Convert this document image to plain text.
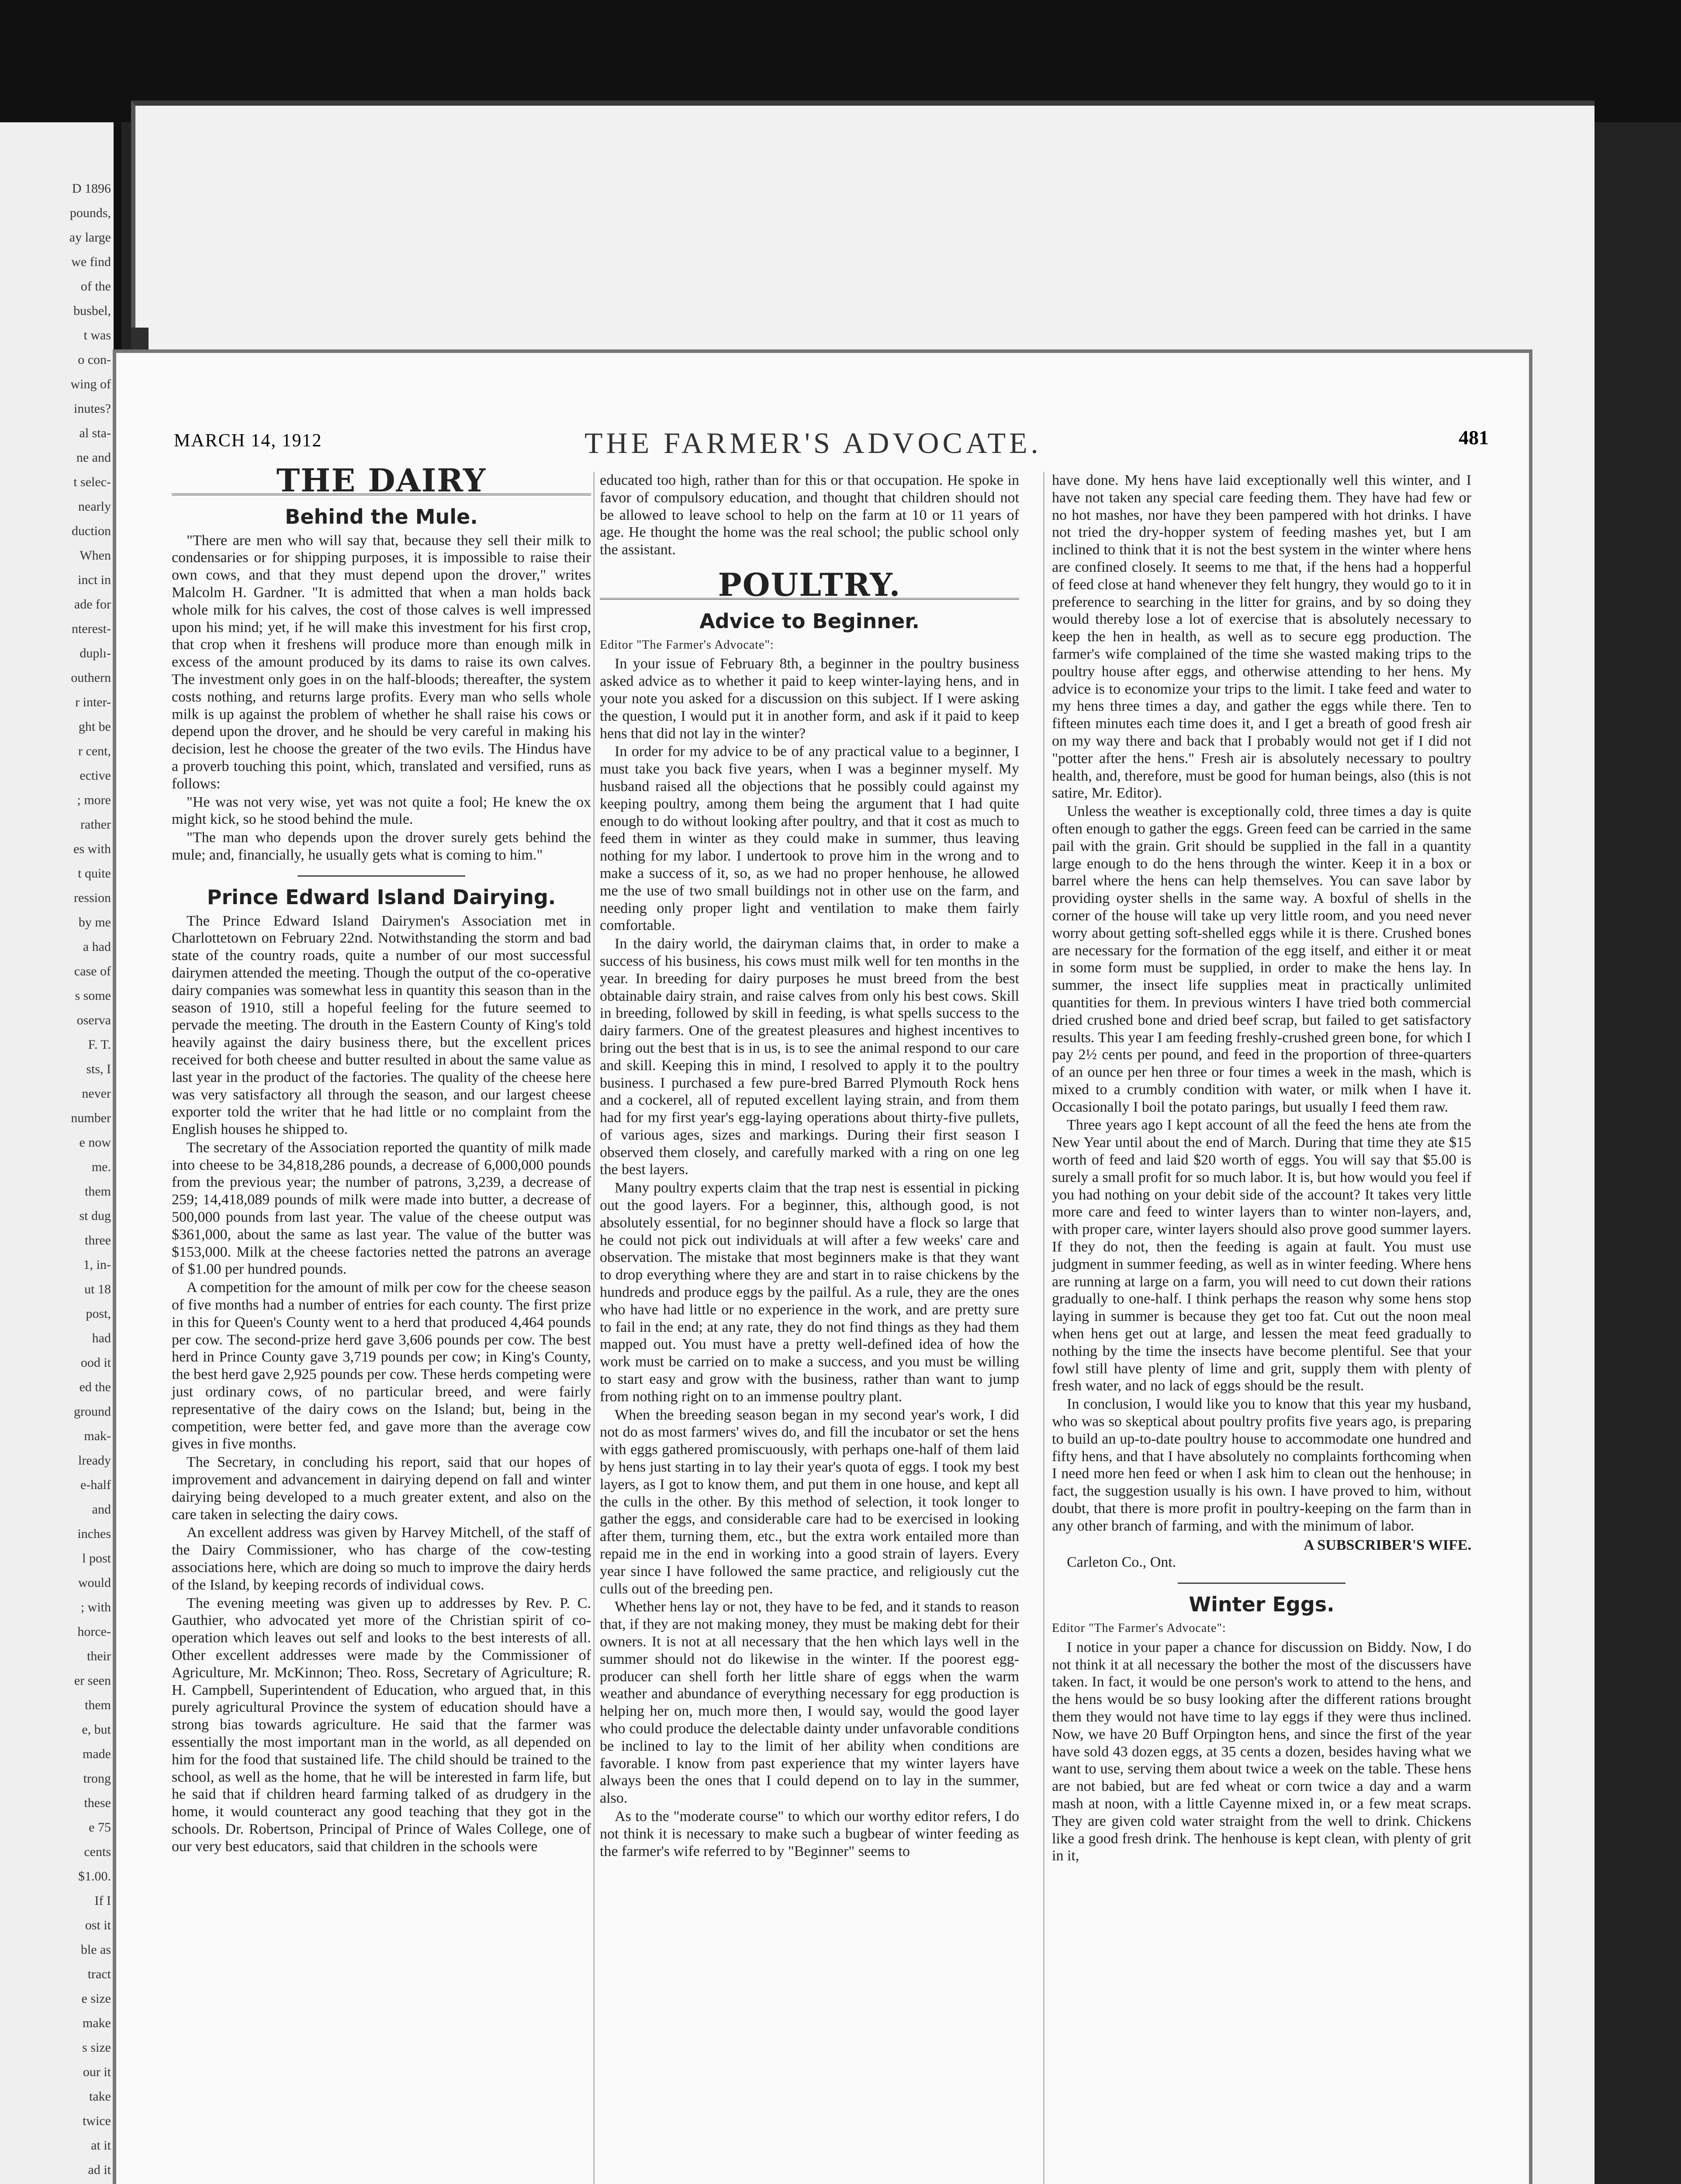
D 1896
pounds,
ay large
we find
of the
busbel,
t was
o con-
wing of
inutes?
al sta-
ne and
t selec-
nearly
duction
When
inct in
ade for
nterest-
duplı-
outhern
r inter-
ght be
r cent,
ective
; more
rather
es with
t quite
ression
by me
a had
case of
s some
oserva
F. T.
sts, I
never
number
e now
me.
them
st dug
three
1, in-
ut 18
post,
had
ood it
ed the
ground
mak-
lready
e-half
and
inches
l post
would
; with
horce-
their
er seen
them
e, but
made
trong
these
e 75
cents
$1.00.
If I
ost it
ble as
tract
e size
make
s size
our it
take
twice
at it
ad it
MARCH 14, 1912	THE FARMER'S ADVOCATE.	481
THE DAIRY
Behind the Mule.

"There are men who will say that, because they sell their milk to condensaries or for shipping purposes, it is impossible to raise their own cows, and that they must depend upon the drover," writes Malcolm H. Gardner. "It is admitted that when a man holds back whole milk for his calves, the cost of those calves is well impressed upon his mind; yet, if he will make this investment for his first crop, that crop when it freshens will produce more than enough milk in excess of the amount produced by its dams to raise its own calves. The investment only goes in on the half-bloods; thereafter, the system costs nothing, and returns large profits. Every man who sells whole milk is up against the problem of whether he shall raise his cows or depend upon the drover, and he should be very careful in making his decision, lest he choose the greater of the two evils. The Hindus have a proverb touching this point, which, translated and versified, runs as follows:

"He was not very wise, yet was not quite a fool; He knew the ox might kick, so he stood behind the mule.

"The man who depends upon the drover surely gets behind the mule; and, financially, he usually gets what is coming to him."

Prince Edward Island Dairying.

The Prince Edward Island Dairymen's Association met in Charlottetown on February 22nd. Notwithstanding the storm and bad state of the country roads, quite a number of our most successful dairymen attended the meeting. Though the output of the co-operative dairy companies was somewhat less in quantity this season than in the season of 1910, still a hopeful feeling for the future seemed to pervade the meeting. The drouth in the Eastern County of King's told heavily against the dairy business there, but the excellent prices received for both cheese and butter resulted in about the same value as last year in the product of the factories. The quality of the cheese here was very satisfactory all through the season, and our largest cheese exporter told the writer that he had little or no complaint from the English houses he shipped to.

The secretary of the Association reported the quantity of milk made into cheese to be 34,818,286 pounds, a decrease of 6,000,000 pounds from the previous year; the number of patrons, 3,239, a decrease of 259; 14,418,089 pounds of milk were made into butter, a decrease of 500,000 pounds from last year. The value of the cheese output was $361,000, about the same as last year. The value of the butter was $153,000. Milk at the cheese factories netted the patrons an average of $1.00 per hundred pounds.

A competition for the amount of milk per cow for the cheese season of five months had a number of entries for each county. The first prize in this for Queen's County went to a herd that produced 4,464 pounds per cow. The second-prize herd gave 3,606 pounds per cow. The best herd in Prince County gave 3,719 pounds per cow; in King's County, the best herd gave 2,925 pounds per cow. These herds competing were just ordinary cows, of no particular breed, and were fairly representative of the dairy cows on the Island; but, being in the competition, were better fed, and gave more than the average cow gives in five months.

The Secretary, in concluding his report, said that our hopes of improvement and advancement in dairying depend on fall and winter dairying being developed to a much greater extent, and also on the care taken in selecting the dairy cows.

An excellent address was given by Harvey Mitchell, of the staff of the Dairy Commissioner, who has charge of the cow-testing associations here, which are doing so much to improve the dairy herds of the Island, by keeping records of individual cows.

The evening meeting was given up to addresses by Rev. P. C. Gauthier, who advocated yet more of the Christian spirit of co-operation which leaves out self and looks to the best interests of all. Other excellent addresses were made by the Commissioner of Agriculture, Mr. McKinnon; Theo. Ross, Secretary of Agriculture; R. H. Campbell, Superintendent of Education, who argued that, in this purely agricultural Province the system of education should have a strong bias towards agriculture. He said that the farmer was essentially the most important man in the world, as all depended on him for the food that sustained life. The child should be trained to the school, as well as the home, that he will be interested in farm life, but he said that if children heard farming talked of as drudgery in the home, it would counteract any good teaching that they got in the schools. Dr. Robertson, Principal of Prince of Wales College, one of our very best educators, said that children in the schools were

educated too high, rather than for this or that occupation. He spoke in favor of compulsory education, and thought that children should not be allowed to leave school to help on the farm at 10 or 11 years of age. He thought the home was the real school; the public school only the assistant.

POULTRY.
Advice to Beginner.
Editor "The Farmer's Advocate":

In your issue of February 8th, a beginner in the poultry business asked advice as to whether it paid to keep winter-laying hens, and in your note you asked for a discussion on this subject. If I were asking the question, I would put it in another form, and ask if it paid to keep hens that did not lay in the winter?

In order for my advice to be of any practical value to a beginner, I must take you back five years, when I was a beginner myself. My husband raised all the objections that he possibly could against my keeping poultry, among them being the argument that I had quite enough to do without looking after poultry, and that it cost as much to feed them in winter as they could make in summer, thus leaving nothing for my labor. I undertook to prove him in the wrong and to make a success of it, so, as we had no proper henhouse, he allowed me the use of two small buildings not in other use on the farm, and needing only proper light and ventilation to make them fairly comfortable.

In the dairy world, the dairyman claims that, in order to make a success of his business, his cows must milk well for ten months in the year. In breeding for dairy purposes he must breed from the best obtainable dairy strain, and raise calves from only his best cows. Skill in breeding, followed by skill in feeding, is what spells success to the dairy farmers. One of the greatest pleasures and highest incentives to bring out the best that is in us, is to see the animal respond to our care and skill. Keeping this in mind, I resolved to apply it to the poultry business. I purchased a few pure-bred Barred Plymouth Rock hens and a cockerel, all of reputed excellent laying strain, and from them had for my first year's egg-laying operations about thirty-five pullets, of various ages, sizes and markings. During their first season I observed them closely, and carefully marked with a ring on one leg the best layers.

Many poultry experts claim that the trap nest is essential in picking out the good layers. For a beginner, this, although good, is not absolutely essential, for no beginner should have a flock so large that he could not pick out individuals at will after a few weeks' care and observation. The mistake that most beginners make is that they want to drop everything where they are and start in to raise chickens by the hundreds and produce eggs by the pailful. As a rule, they are the ones who have had little or no experience in the work, and are pretty sure to fail in the end; at any rate, they do not find things as they had them mapped out. You must have a pretty well-defined idea of how the work must be carried on to make a success, and you must be willing to start easy and grow with the business, rather than want to jump from nothing right on to an immense poultry plant.

When the breeding season began in my second year's work, I did not do as most farmers' wives do, and fill the incubator or set the hens with eggs gathered promiscuously, with perhaps one-half of them laid by hens just starting in to lay their year's quota of eggs. I took my best layers, as I got to know them, and put them in one house, and kept all the culls in the other. By this method of selection, it took longer to gather the eggs, and considerable care had to be exercised in looking after them, turning them, etc., but the extra work entailed more than repaid me in the end in working into a good strain of layers. Every year since I have followed the same practice, and religiously cut the culls out of the breeding pen.

Whether hens lay or not, they have to be fed, and it stands to reason that, if they are not making money, they must be making debt for their owners. It is not at all necessary that the hen which lays well in the summer should not do likewise in the winter. If the poorest egg-producer can shell forth her little share of eggs when the warm weather and abundance of everything necessary for egg production is helping her on, much more then, I would say, would the good layer who could produce the delectable dainty under unfavorable conditions be inclined to lay to the limit of her ability when conditions are favorable. I know from past experience that my winter layers have always been the ones that I could depend on to lay in the summer, also.

As to the "moderate course" to which our worthy editor refers, I do not think it is necessary to make such a bugbear of winter feeding as the farmer's wife referred to by "Beginner" seems to

have done. My hens have laid exceptionally well this winter, and I have not taken any special care feeding them. They have had few or no hot mashes, nor have they been pampered with hot drinks. I have not tried the dry-hopper system of feeding mashes yet, but I am inclined to think that it is not the best system in the winter where hens are confined closely. It seems to me that, if the hens had a hopperful of feed close at hand whenever they felt hungry, they would go to it in preference to searching in the litter for grains, and by so doing they would thereby lose a lot of exercise that is absolutely necessary to keep the hen in health, as well as to secure egg production. The farmer's wife complained of the time she wasted making trips to the poultry house after eggs, and otherwise attending to her hens. My advice is to economize your trips to the limit. I take feed and water to my hens three times a day, and gather the eggs while there. Ten to fifteen minutes each time does it, and I get a breath of good fresh air on my way there and back that I probably would not get if I did not "potter after the hens." Fresh air is absolutely necessary to poultry health, and, therefore, must be good for human beings, also (this is not satire, Mr. Editor).

Unless the weather is exceptionally cold, three times a day is quite often enough to gather the eggs. Green feed can be carried in the same pail with the grain. Grit should be supplied in the fall in a quantity large enough to do the hens through the winter. Keep it in a box or barrel where the hens can help themselves. You can save labor by providing oyster shells in the same way. A boxful of shells in the corner of the house will take up very little room, and you need never worry about getting soft-shelled eggs while it is there. Crushed bones are necessary for the formation of the egg itself, and either it or meat in some form must be supplied, in order to make the hens lay. In summer, the insect life supplies meat in practically unlimited quantities for them. In previous winters I have tried both commercial dried crushed bone and dried beef scrap, but failed to get satisfactory results. This year I am feeding freshly-crushed green bone, for which I pay 2½ cents per pound, and feed in the proportion of three-quarters of an ounce per hen three or four times a week in the mash, which is mixed to a crumbly condition with water, or milk when I have it. Occasionally I boil the potato parings, but usually I feed them raw.

Three years ago I kept account of all the feed the hens ate from the New Year until about the end of March. During that time they ate $15 worth of feed and laid $20 worth of eggs. You will say that $5.00 is surely a small profit for so much labor. It is, but how would you feel if you had nothing on your debit side of the account? It takes very little more care and feed to winter layers than to winter non-layers, and, with proper care, winter layers should also prove good summer layers. If they do not, then the feeding is again at fault. You must use judgment in summer feeding, as well as in winter feeding. Where hens are running at large on a farm, you will need to cut down their rations gradually to one-half. I think perhaps the reason why some hens stop laying in summer is because they get too fat. Cut out the noon meal when hens get out at large, and lessen the meat feed gradually to nothing by the time the insects have become plentiful. See that your fowl still have plenty of lime and grit, supply them with plenty of fresh water, and no lack of eggs should be the result.

In conclusion, I would like you to know that this year my husband, who was so skeptical about poultry profits five years ago, is preparing to build an up-to-date poultry house to accommodate one hundred and fifty hens, and that I have absolutely no complaints forthcoming when I need more hen feed or when I ask him to clean out the henhouse; in fact, the suggestion usually is his own. I have proved to him, without doubt, that there is more profit in poultry-keeping on the farm than in any other branch of farming, and with the minimum of labor.

A SUBSCRIBER'S WIFE.

Carleton Co., Ont.

Winter Eggs.
Editor "The Farmer's Advocate":

I notice in your paper a chance for discussion on Biddy. Now, I do not think it at all necessary the bother the most of the discussers have taken. In fact, it would be one person's work to attend to the hens, and the hens would be so busy looking after the different rations brought them they would not have time to lay eggs if they were thus inclined. Now, we have 20 Buff Orpington hens, and since the first of the year have sold 43 dozen eggs, at 35 cents a dozen, besides having what we want to use, serving them about twice a week on the table. These hens are not babied, but are fed wheat or corn twice a day and a warm mash at noon, with a little Cayenne mixed in, or a few meat scraps. They are given cold water straight from the well to drink. Chickens like a good fresh drink. The henhouse is kept clean, with plenty of grit in it,
